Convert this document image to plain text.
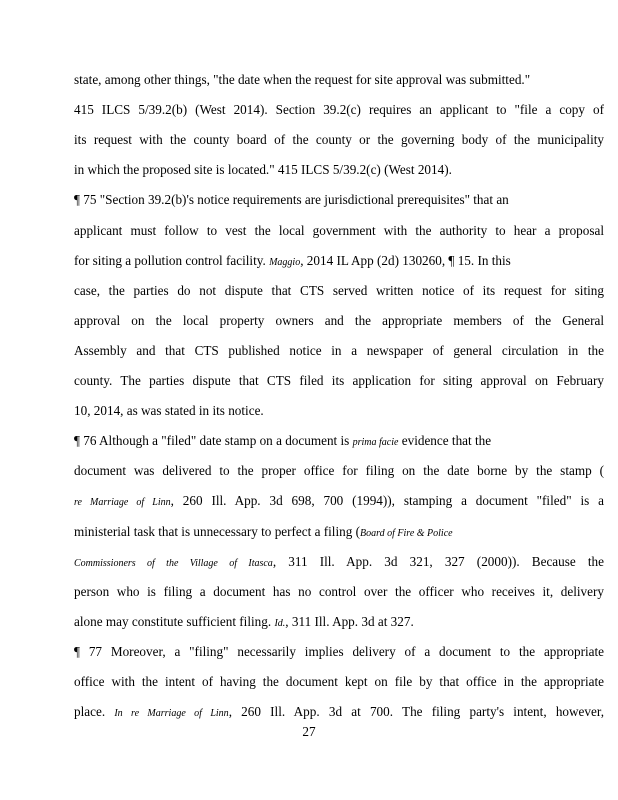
state, among other things, "the date when the request for site approval was submitted."
415 ILCS 5/39.2(b) (West 2014). Section 39.2(c) requires an applicant to "file a copy of
its request with the county board of the county or the governing body of the municipality
in which the proposed site is located." 415 ILCS 5/39.2(c) (West 2014).
¶ 75 "Section 39.2(b)'s notice requirements are jurisdictional prerequisites" that an
applicant must follow to vest the local government with the authority to hear a proposal
for siting a pollution control facility. Maggio, 2014 IL App (2d) 130260, ¶ 15. In this
case, the parties do not dispute that CTS served written notice of its request for siting
approval on the local property owners and the appropriate members of the General
Assembly and that CTS published notice in a newspaper of general circulation in the
county. The parties dispute that CTS filed its application for siting approval on February
10, 2014, as was stated in its notice.
¶ 76 Although a "filed" date stamp on a document is prima facie evidence that the
document was delivered to the proper office for filing on the date borne by the stamp (
re Marriage of Linn, 260 Ill. App. 3d 698, 700 (1994)), stamping a document "filed" is a
ministerial task that is unnecessary to perfect a filing (Board of Fire & Police
Commissioners of the Village of Itasca, 311 Ill. App. 3d 321, 327 (2000)). Because the
person who is filing a document has no control over the officer who receives it, delivery
alone may constitute sufficient filing. Id., 311 Ill. App. 3d at 327.
¶ 77 Moreover, a "filing" necessarily implies delivery of a document to the appropriate
office with the intent of having the document kept on file by that office in the appropriate
place. In re Marriage of Linn, 260 Ill. App. 3d at 700. The filing party's intent, however,
27
